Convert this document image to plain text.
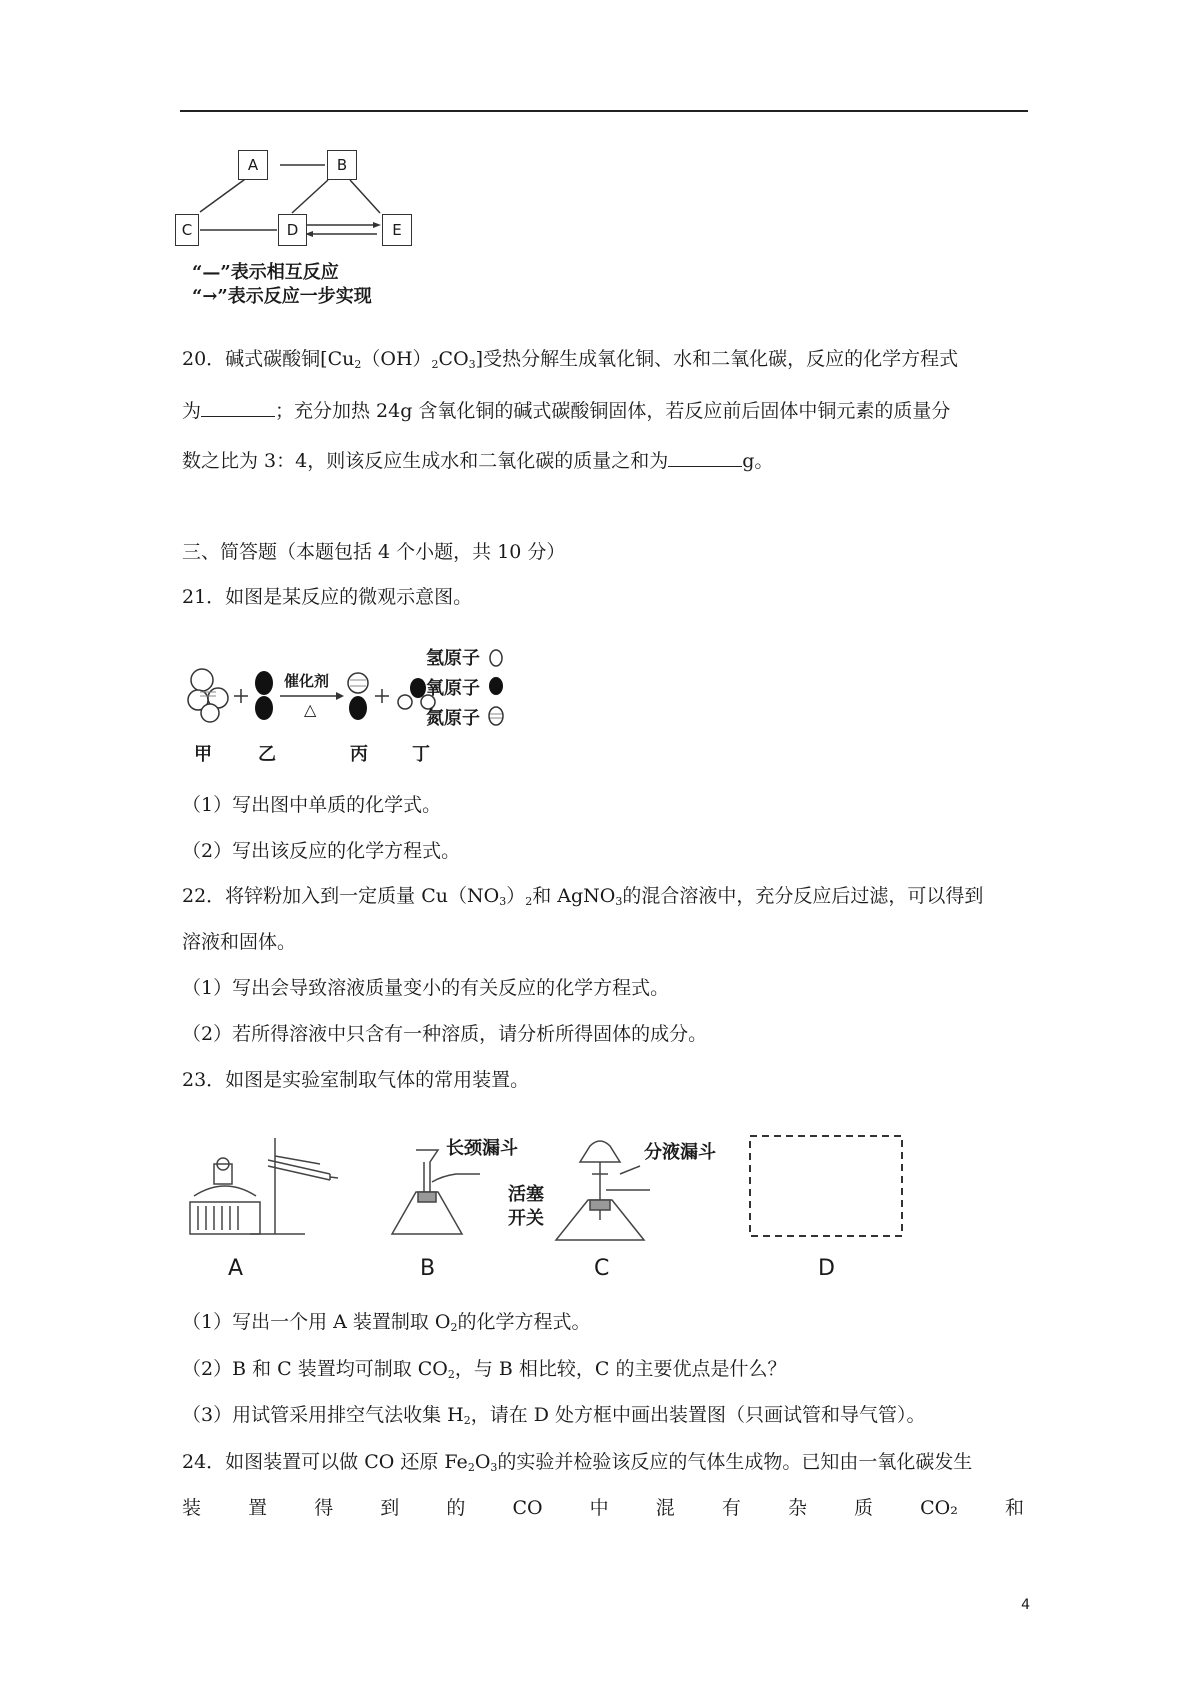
A	B
C	D	E
“—”表示相互反应
“→”表示反应一步实现
20．碱式碳酸铜$[Cu_2(OH)_2CO_3]$受热分解生成氧化铜、水和二氧化碳，反应的化学方程式
为	；充分加热 24g 含氧化铜的碱式碳酸铜固体，若反应前后固体中铜元素的质量分
数之比为 3：4，则该反应生成水和二氧化碳的质量之和为	g。
三、简答题（本题包括 4 个小题，共 10 分）
21．如图是某反应的微观示意图。
催化剂
△
甲	乙	丙 丁
氢原子
氧原子
氮原子
（1）写出图中单质的化学式。
（2）写出该反应的化学方程式。
22．将锌粉加入到一定质量 $Cu(NO_3)_2$和 AgNO$_3$的混合溶液中，充分反应后过滤，可以得到
溶液和固体。
（1）写出会导致溶液质量变小的有关反应的化学方程式。
（2）若所得溶液中只含有一种溶质，请分析所得固体的成分。
23．如图是实验室制取气体的常用装置。
长颈漏斗	分液漏斗
活塞
开关
A	B	C	D
（1）写出一个用 A 装置制取 $O_2$的化学方程式。
（2）B 和 C 装置均可制取 $CO_2$，与 B 相比较，C 的主要优点是什么？
（3）用试管采用排空气法收集 $H_2$，请在 D 处方框中画出装置图（只画试管和导气管）。
24．如图装置可以做 CO 还原 $Fe_2O_3$的实验并检验该反应的气体生成物。已知由一氧化碳发生
装 置 得 到 的 CO 中 混 有 杂 质 CO₂ 和
4
